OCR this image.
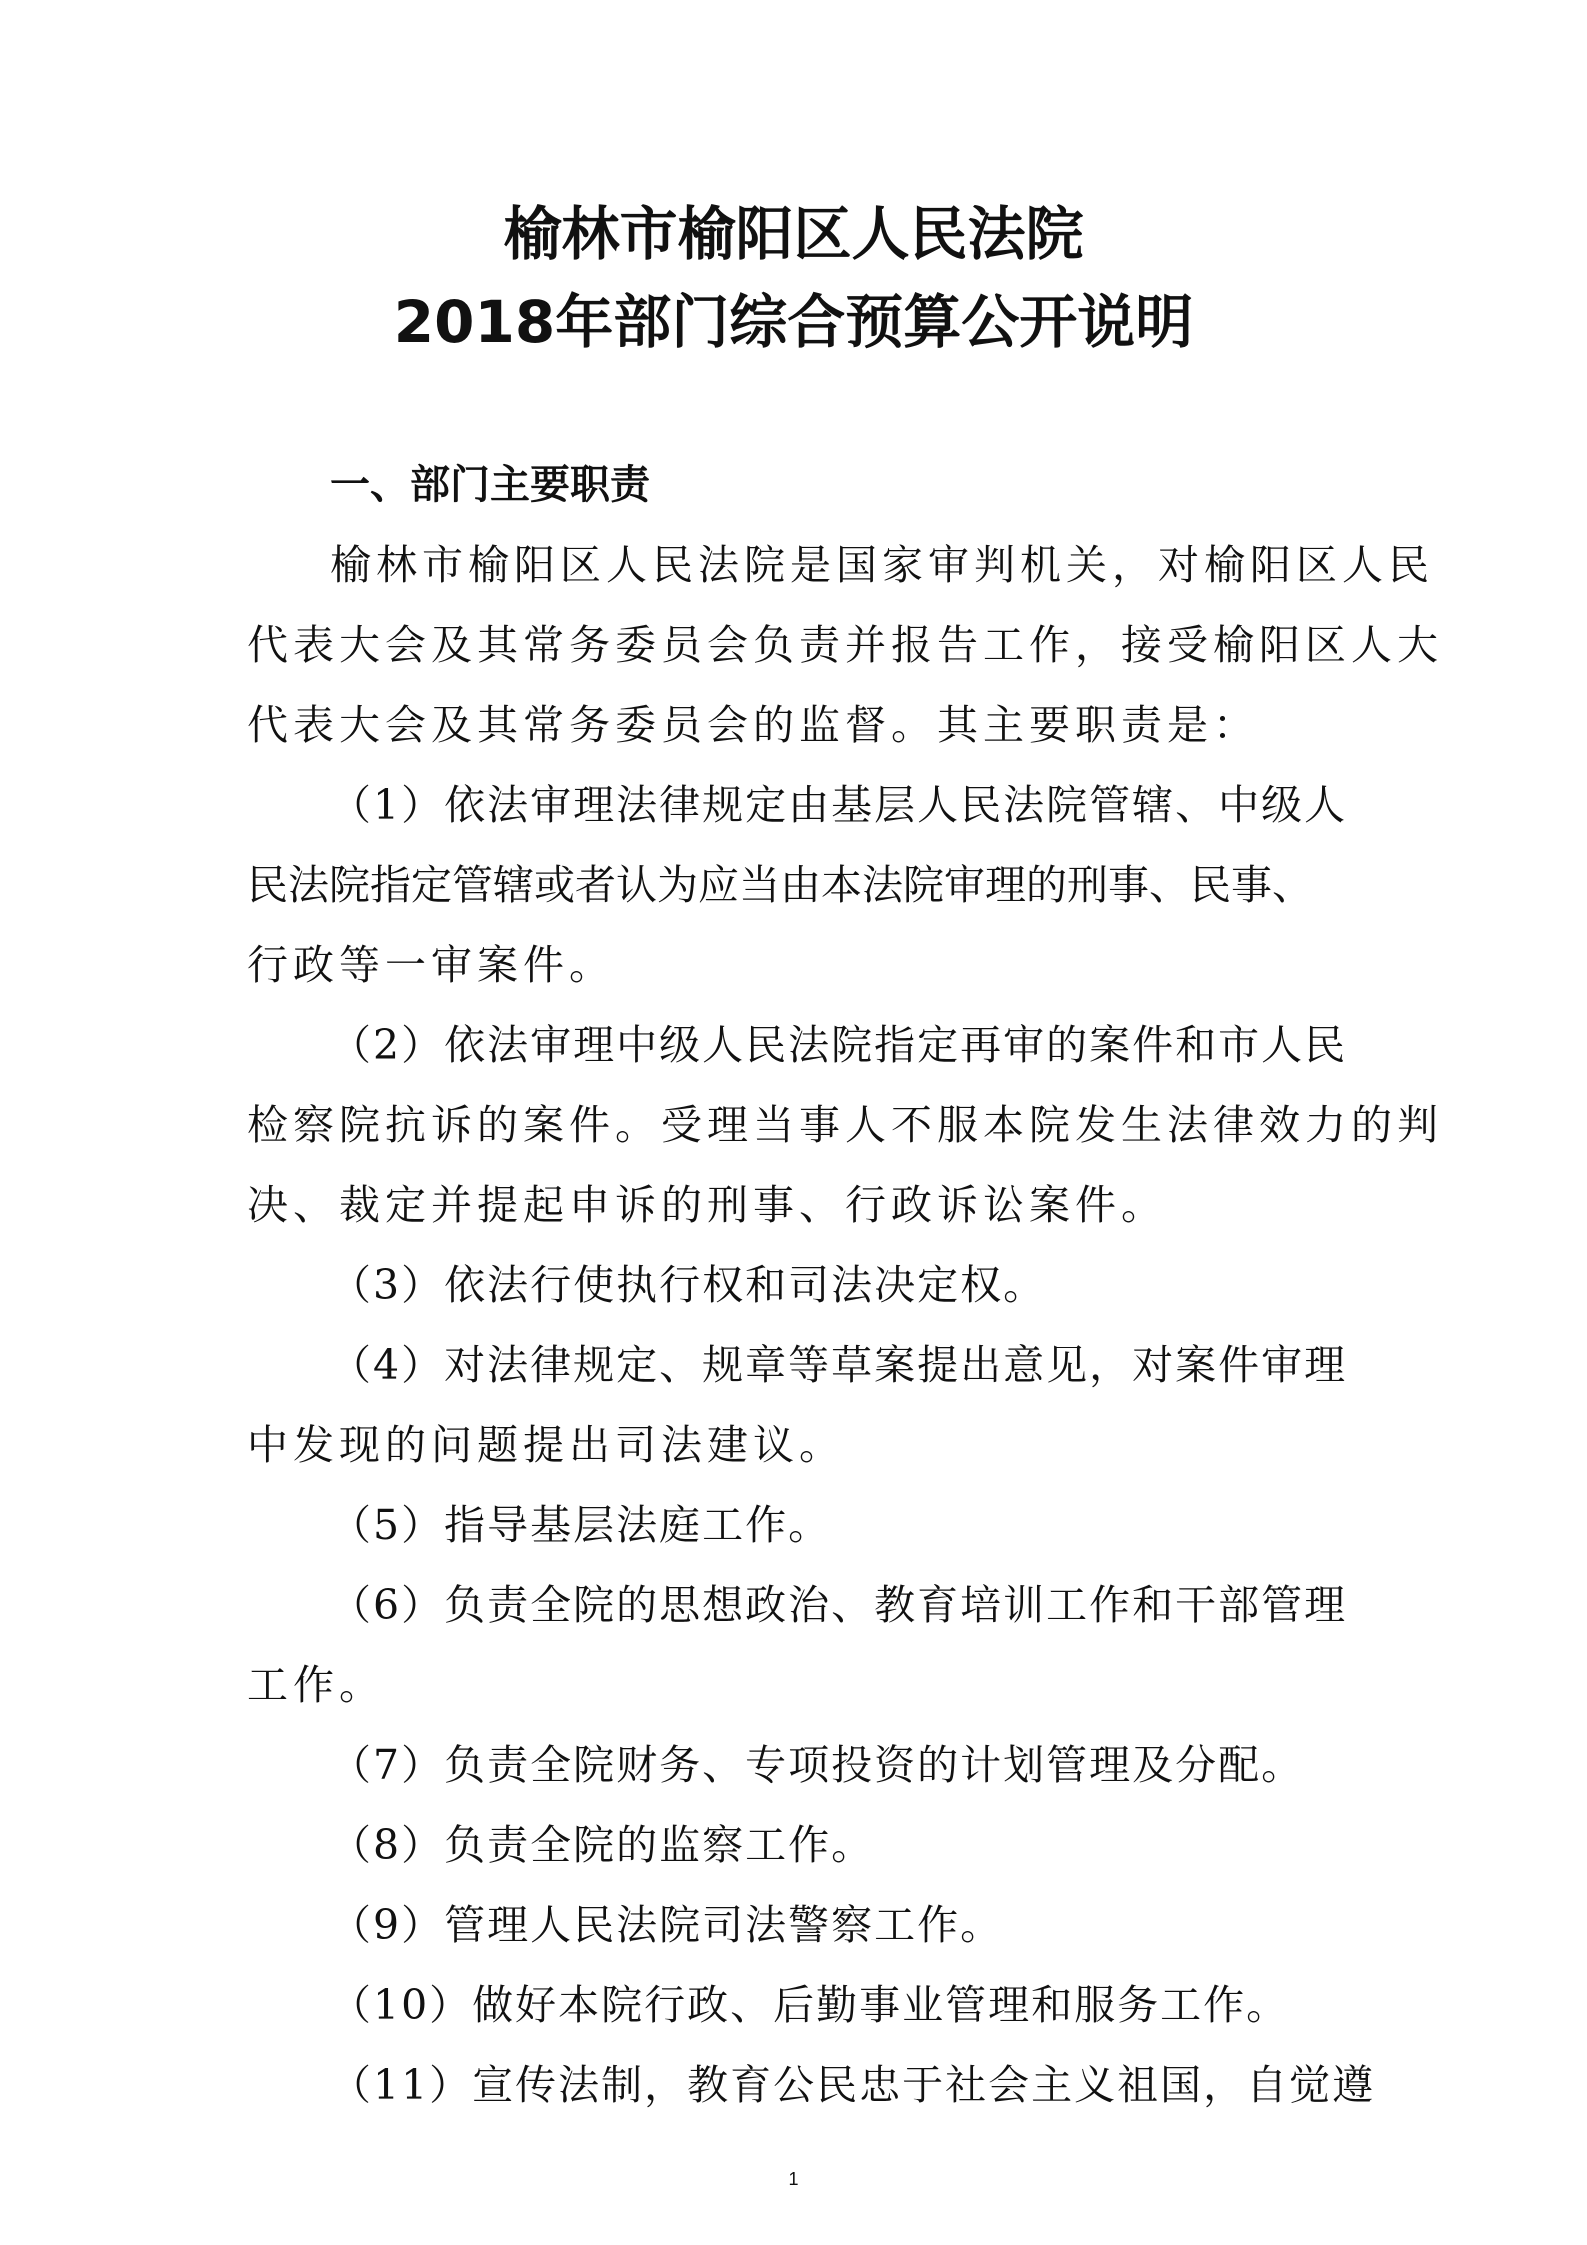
榆林市榆阳区人民法院
2018年部门综合预算公开说明
一、部门主要职责
榆林市榆阳区人民法院是国家审判机关，对榆阳区人民
代表大会及其常务委员会负责并报告工作，接受榆阳区人大
代表大会及其常务委员会的监督。其主要职责是：
（1）依法审理法律规定由基层人民法院管辖、中级人
民法院指定管辖或者认为应当由本法院审理的刑事、民事、
行政等一审案件。
（2）依法审理中级人民法院指定再审的案件和市人民
检察院抗诉的案件。受理当事人不服本院发生法律效力的判
决、裁定并提起申诉的刑事、行政诉讼案件。
（3）依法行使执行权和司法决定权。
（4）对法律规定、规章等草案提出意见，对案件审理
中发现的问题提出司法建议。
（5）指导基层法庭工作。
（6）负责全院的思想政治、教育培训工作和干部管理
工作。
（7）负责全院财务、专项投资的计划管理及分配。
（8）负责全院的监察工作。
（9）管理人民法院司法警察工作。
（10）做好本院行政、后勤事业管理和服务工作。
（11）宣传法制，教育公民忠于社会主义祖国，自觉遵
1
